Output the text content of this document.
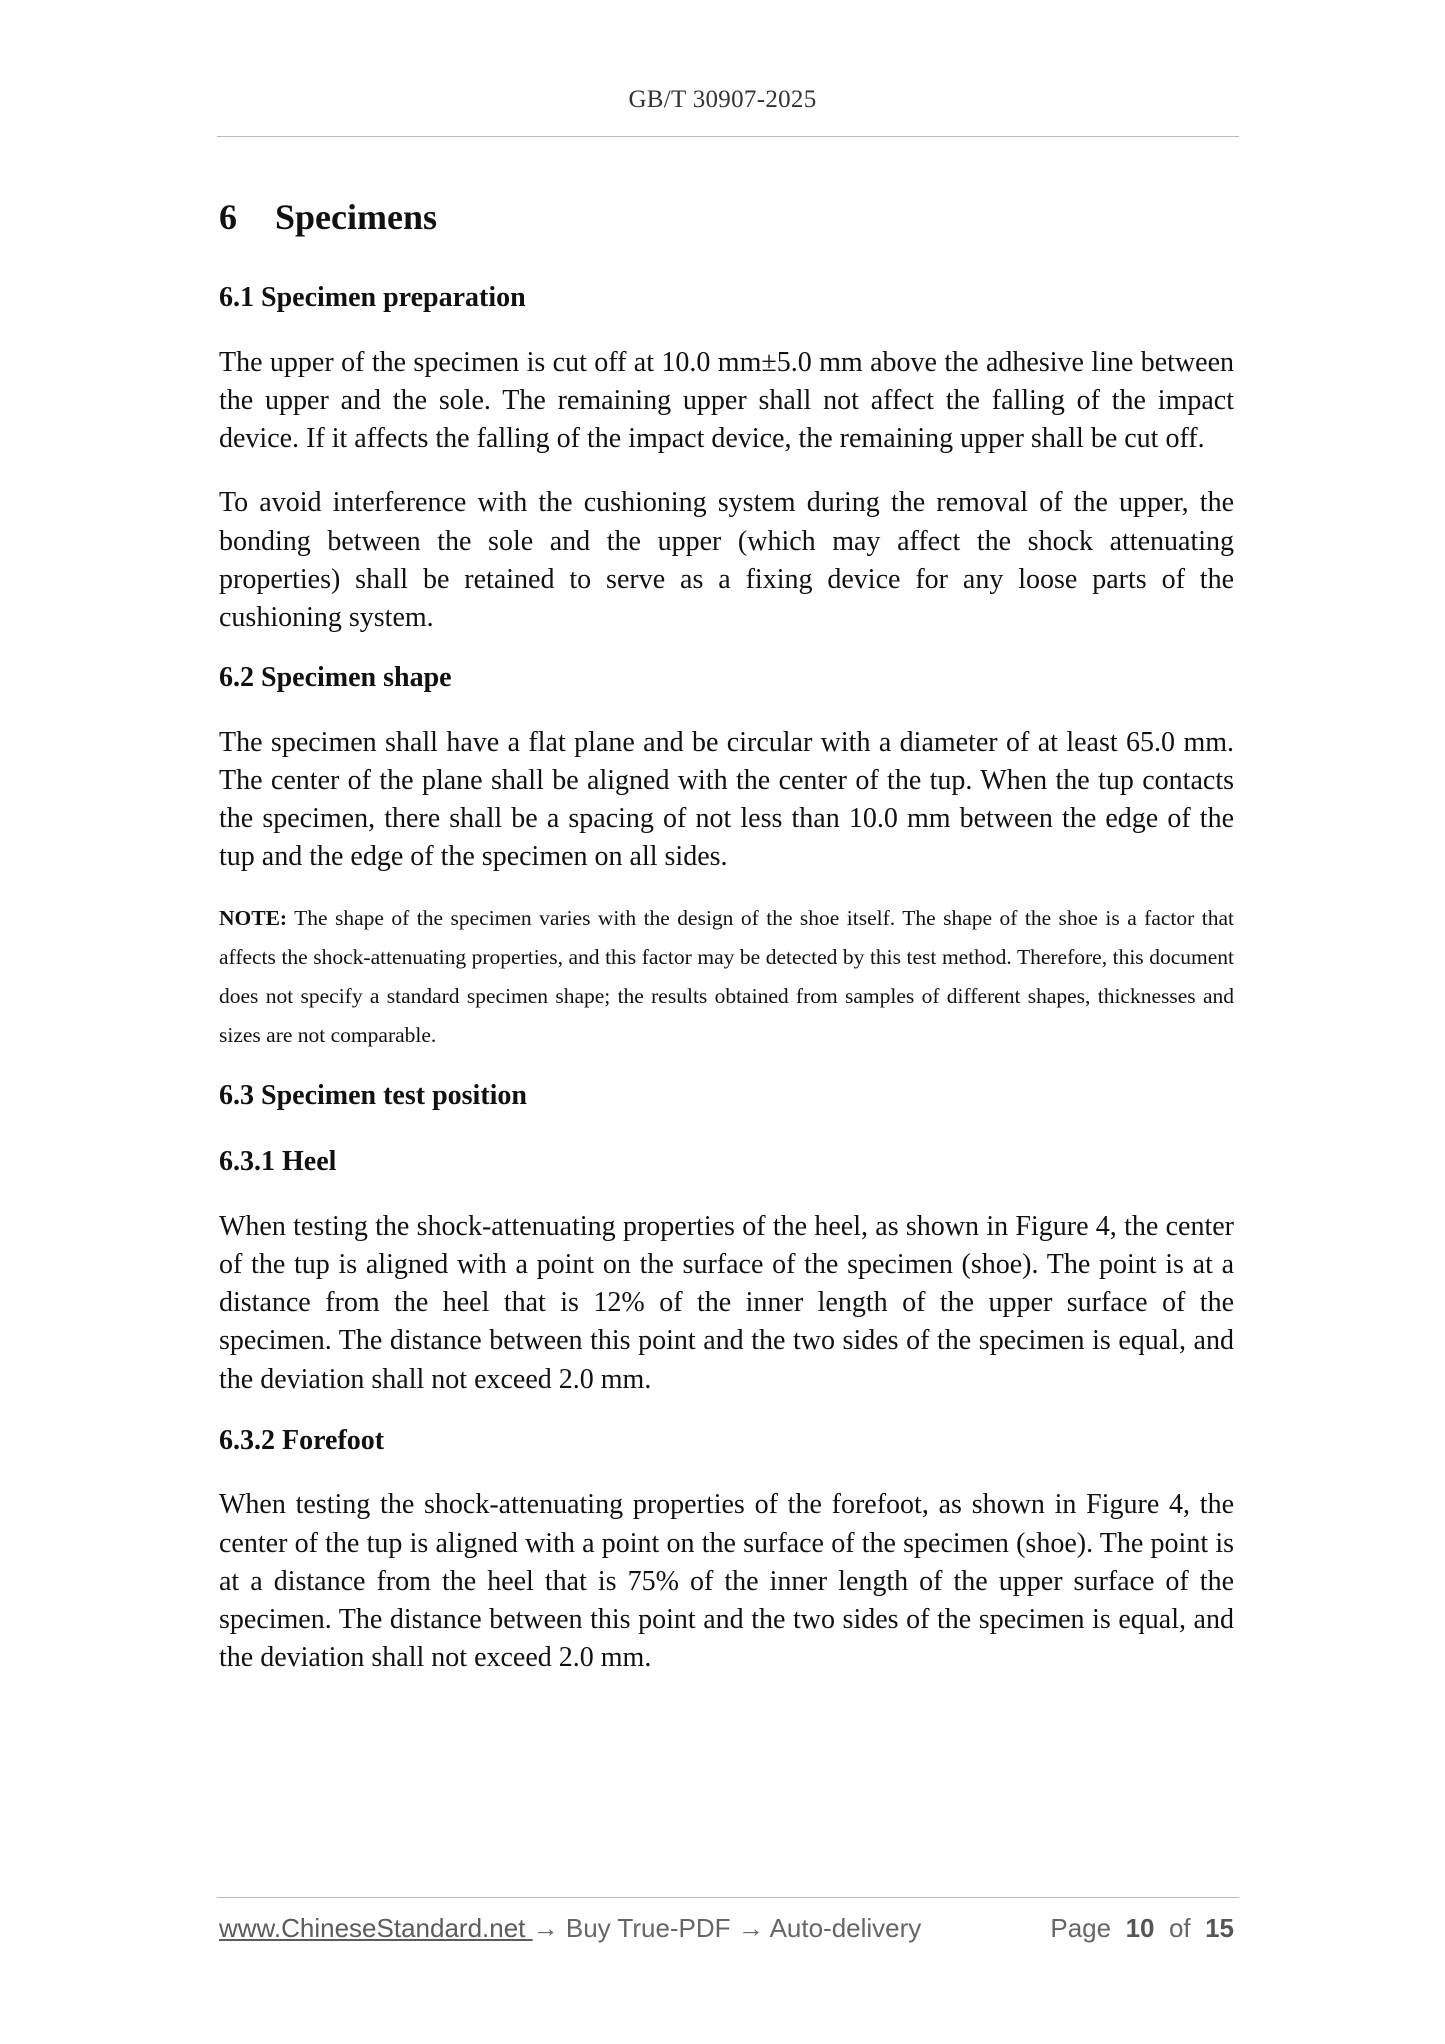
GB/T 30907-2025
6 Specimens
6.1 Specimen preparation

The upper of the specimen is cut off at 10.0 mm±5.0 mm above the adhesive line between the upper and the sole. The remaining upper shall not affect the falling of the impact device. If it affects the falling of the impact device, the remaining upper shall be cut off.

To avoid interference with the cushioning system during the removal of the upper, the bonding between the sole and the upper (which may affect the shock attenuating properties) shall be retained to serve as a fixing device for any loose parts of the cushioning system.

6.2 Specimen shape

The specimen shall have a flat plane and be circular with a diameter of at least 65.0 mm. The center of the plane shall be aligned with the center of the tup. When the tup contacts the specimen, there shall be a spacing of not less than 10.0 mm between the edge of the tup and the edge of the specimen on all sides.

NOTE: The shape of the specimen varies with the design of the shoe itself. The shape of the shoe is a factor that affects the shock-attenuating properties, and this factor may be detected by this test method. Therefore, this document does not specify a standard specimen shape; the results obtained from samples of different shapes, thicknesses and sizes are not comparable.

6.3 Specimen test position
6.3.1 Heel

When testing the shock-attenuating properties of the heel, as shown in Figure 4, the center of the tup is aligned with a point on the surface of the specimen (shoe). The point is at a distance from the heel that is 12% of the inner length of the upper surface of the specimen. The distance between this point and the two sides of the specimen is equal, and the deviation shall not exceed 2.0 mm.

6.3.2 Forefoot

When testing the shock-attenuating properties of the forefoot, as shown in Figure 4, the center of the tup is aligned with a point on the surface of the specimen (shoe). The point is at a distance from the heel that is 75% of the inner length of the upper surface of the specimen. The distance between this point and the two sides of the specimen is equal, and the deviation shall not exceed 2.0 mm.

www.ChineseStandard.net → Buy True-PDF → Auto-delivery	Page 10 of 15
